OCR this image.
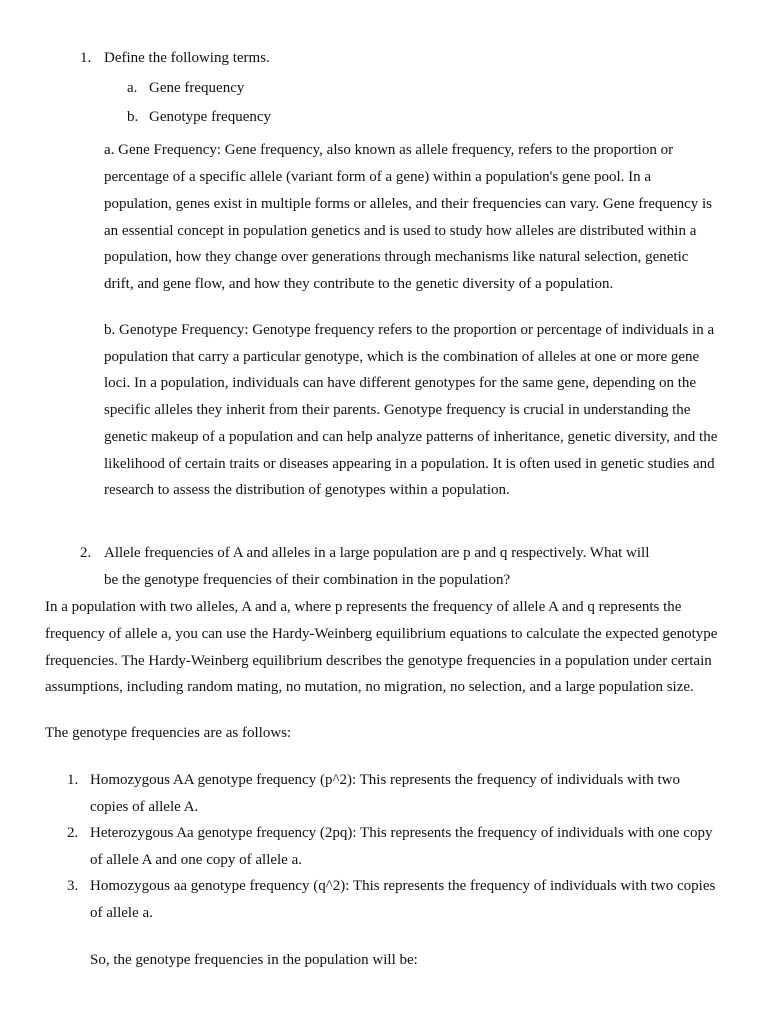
1. Define the following terms.
a. Gene frequency
b. Genotype frequency
a. Gene Frequency: Gene frequency, also known as allele frequency, refers to the proportion or
percentage of a specific allele (variant form of a gene) within a population's gene pool. In a
population, genes exist in multiple forms or alleles, and their frequencies can vary. Gene frequency is
an essential concept in population genetics and is used to study how alleles are distributed within a
population, how they change over generations through mechanisms like natural selection, genetic
drift, and gene flow, and how they contribute to the genetic diversity of a population.
b. Genotype Frequency: Genotype frequency refers to the proportion or percentage of individuals in a
population that carry a particular genotype, which is the combination of alleles at one or more gene
loci. In a population, individuals can have different genotypes for the same gene, depending on the
specific alleles they inherit from their parents. Genotype frequency is crucial in understanding the
genetic makeup of a population and can help analyze patterns of inheritance, genetic diversity, and the
likelihood of certain traits or diseases appearing in a population. It is often used in genetic studies and
research to assess the distribution of genotypes within a population.
2. Allele frequencies of A and alleles in a large population are p and q respectively. What will
be the genotype frequencies of their combination in the population?
In a population with two alleles, A and a, where p represents the frequency of allele A and q represents the
frequency of allele a, you can use the Hardy-Weinberg equilibrium equations to calculate the expected genotype
frequencies. The Hardy-Weinberg equilibrium describes the genotype frequencies in a population under certain
assumptions, including random mating, no mutation, no migration, no selection, and a large population size.
The genotype frequencies are as follows:
1. Homozygous AA genotype frequency (p^2): This represents the frequency of individuals with two
copies of allele A.
2. Heterozygous Aa genotype frequency (2pq): This represents the frequency of individuals with one copy
of allele A and one copy of allele a.
3. Homozygous aa genotype frequency (q^2): This represents the frequency of individuals with two copies
of allele a.
So, the genotype frequencies in the population will be:
